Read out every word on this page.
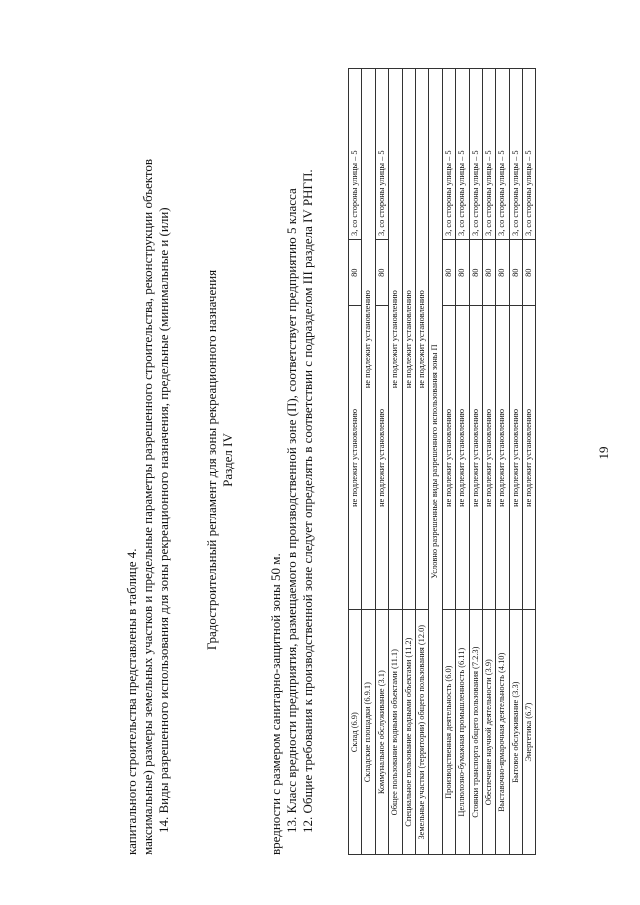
19
Склад (6.9)	не подлежит установлению	80	3, со стороны улицы – 5
Складские площадки (6.9.1)	не подлежит установлению		
Коммунальное обслуживание (3.1)	не подлежит установлению	80	3, со стороны улицы – 5
Общее пользование водными объектами (11.1)	не подлежит установлению		
Специальное пользование водными объектами (11.2)	не подлежит установлению		
Земельные участки (территории) общего пользования (12.0)	не подлежит установлению		
Условно разрешенные виды разрешенного использования зоны П			
Производственная деятельность (6.0)	не подлежит установлению	80	3, со стороны улицы – 5
Целлюлозно-бумажная промышленность (6.11)	не подлежит установлению	80	3, со стороны улицы – 5
Стоянки транспорта общего пользования (7.2.3)	не подлежит установлению	80	3, со стороны улицы – 5
Обеспечение научной деятельности (3.9)	не подлежит установлению	80	3, со стороны улицы – 5
Выставочно-ярмарочная деятельность (4.10)	не подлежит установлению	80	3, со стороны улицы – 5
Бытовое обслуживание (3.3)	не подлежит установлению	80	3, со стороны улицы – 5
Энергетика (6.7)	не подлежит установлению	80	3, со стороны улицы – 5
12. Общие требования к производственной зоне следует определять в соответствии с подразделом III раздела IV РНГП.
13. Класс вредности предприятия, размещаемого в производственной зоне (П), соответствует предприятию 5 класса
вредности с размером санитарно-защитной зоны 50 м.
Раздел IV
Градостроительный регламент для зоны рекреационного назначения
14. Виды разрешенного использования для зоны рекреационного назначения, предельные (минимальные и (или)
максимальные) размеры земельных участков и предельные параметры разрешенного строительства, реконструкции объектов
капитального строительства представлены в таблице 4.
